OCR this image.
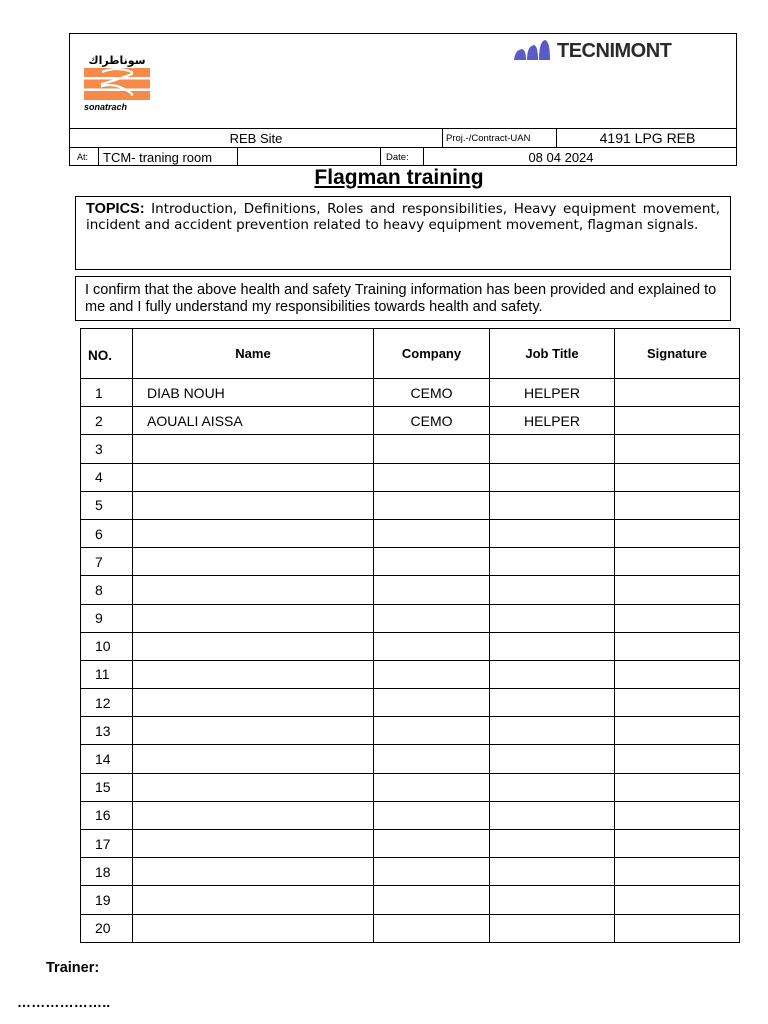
سوناطراك
sonatrach
TECNIMONT
REB Site	Proj.-/Contract-UAN	4191 LPG REB
At:	TCM- traning room	Date:	08 04 2024
Flagman training
TOPICS: Introduction, Definitions, Roles and responsibilities, Heavy equipment movement, incident and accident prevention related to heavy equipment movement, flagman signals.
I confirm that the above health and safety Training information has been provided and explained to me and I fully understand my responsibilities towards health and safety.
NO.	Name	Company	Job Title	Signature
1	DIAB NOUH	CEMO	HELPER	
2	AOUALI AISSA	CEMO	HELPER	
3				
4				
5				
6				
7				
8				
9				
10				
11				
12				
13				
14				
15				
16				
17				
18				
19				
20				
Trainer:
………………..
